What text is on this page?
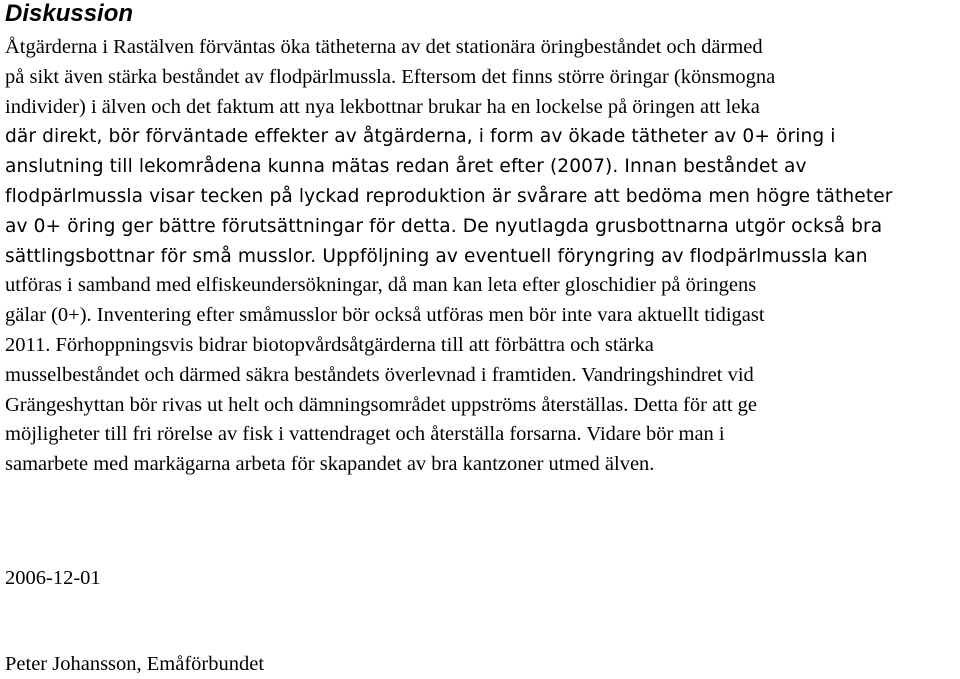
Diskussion

Åtgärderna i Rastälven förväntas öka tätheterna av det stationära öringbeståndet och därmed
på sikt även stärka beståndet av flodpärlmussla. Eftersom det finns större öringar (könsmogna
individer) i älven och det faktum att nya lekbottnar brukar ha en lockelse på öringen att leka
där direkt, bör förväntade effekter av åtgärderna, i form av ökade tätheter av 0+ öring i
anslutning till lekområdena kunna mätas redan året efter (2007). Innan beståndet av
flodpärlmussla visar tecken på lyckad reproduktion är svårare att bedöma men högre tätheter
av 0+ öring ger bättre förutsättningar för detta. De nyutlagda grusbottnarna utgör också bra
sättlingsbottnar för små musslor. Uppföljning av eventuell föryngring av flodpärlmussla kan
utföras i samband med elfiskeundersökningar, då man kan leta efter gloschidier på öringens
gälar (0+). Inventering efter småmusslor bör också utföras men bör inte vara aktuellt tidigast
2011. Förhoppningsvis bidrar biotopvårdsåtgärderna till att förbättra och stärka
musselbeståndet och därmed säkra beståndets överlevnad i framtiden. Vandringshindret vid
Grängeshyttan bör rivas ut helt och dämningsområdet uppströms återställas. Detta för att ge
möjligheter till fri rörelse av fisk i vattendraget och återställa forsarna. Vidare bör man i
samarbete med markägarna arbeta för skapandet av bra kantzoner utmed älven.

2006-12-01

Peter Johansson, Emåförbundet
